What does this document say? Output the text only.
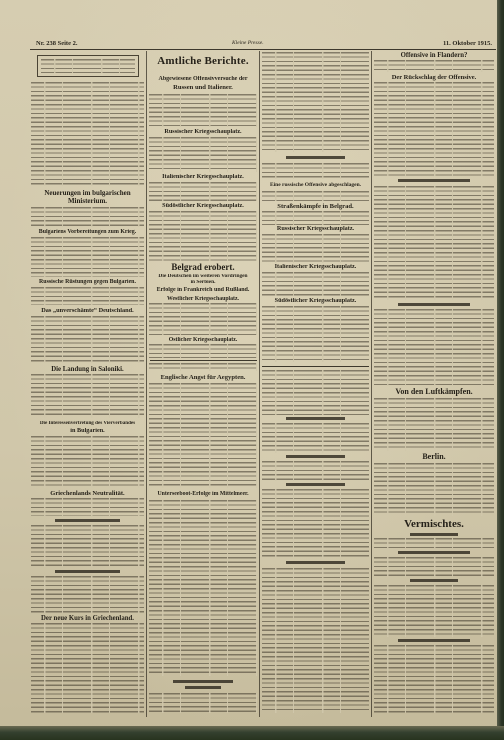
Nr. 238 Seite 2.	Kleine Presse.	11. Oktober 1915.
Neuerungen im bulgarischen
Ministerium.
Bulgariens Vorbereitungen zum Krieg.
Russische Rüstungen gegen Bulgarien.
Das „unverschämte“ Deutschland.
Die Landung in Saloniki.
Die Interessenvertretung des Vierverbandes
in Bulgarien.
Griechenlands Neutralität.
Der neue Kurs in Griechenland.
Amtliche Berichte.
Abgewiesene Offensivversuche der
Russen und Italiener.
Russischer Kriegsschauplatz.
Italienischer Kriegsschauplatz.
Südöstlicher Kriegsschauplatz.
Belgrad erobert.
Die Deutschen im weiteren Vordringen
in Serbien.
Erfolge in Frankreich und Rußland.
Westlicher Kriegsschauplatz.
Östlicher Kriegsschauplatz.
Englische Angst für Aegypten.
Unterseeboot-Erfolge im Mittelmeer.
Eine russische Offensive abgeschlagen.
Straßenkämpfe in Belgrad.
Russischer Kriegsschauplatz.
Italienischer Kriegsschauplatz.
Südöstlicher Kriegsschauplatz.
Offensive in Flandern?
Der Rückschlag der Offensive.
Von den Luftkämpfen.
Berlin.
Vermischtes.
